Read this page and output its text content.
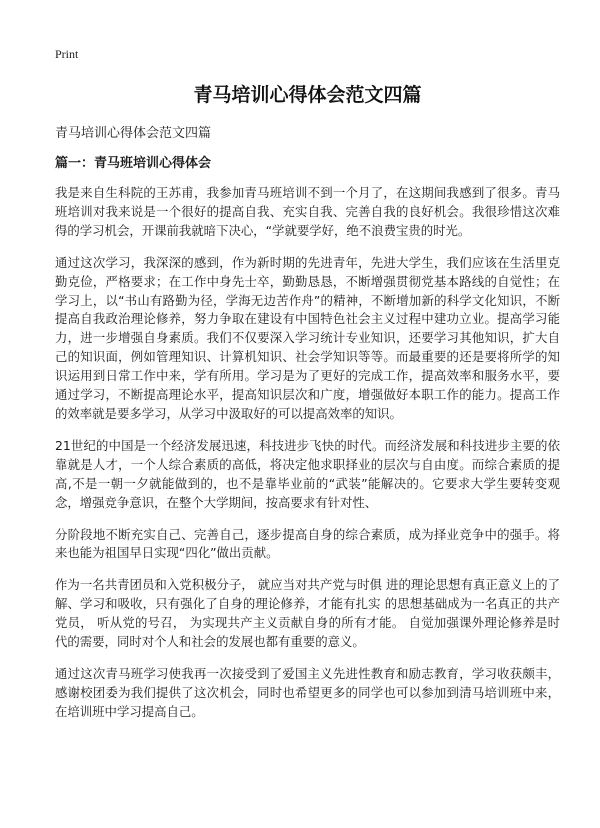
Print
青马培训心得体会范文四篇
青马培训心得体会范文四篇
篇一：青马班培训心得体会

我是来自生科院的王苏甫，我参加青马班培训不到一个月了，在这期间我感到了很多。青马班培训对我来说是一个很好的提高自我、充实自我、完善自我的良好机会。我很珍惜这次难得的学习机会，开课前我就暗下决心，“学就要学好，绝不浪费宝贵的时光。

通过这次学习，我深深的感到，作为新时期的先进青年，先进大学生，我们应该在生活里克勤克俭，严格要求；在工作中身先士卒，勤勤恳恳，不断增强贯彻党基本路线的自觉性；在学习上，以“书山有路勤为径，学海无边苦作舟”的精神，不断增加新的科学文化知识，不断提高自我政治理论修养，努力争取在建设有中国特色社会主义过程中建功立业。提高学习能力，进一步增强自身素质。我们不仅要深入学习统计专业知识，还要学习其他知识，扩大自己的知识面，例如管理知识、计算机知识、社会学知识等等。而最重要的还是要将所学的知识运用到日常工作中来，学有所用。学习是为了更好的完成工作，提高效率和服务水平，要通过学习，不断提高理论水平，提高知识层次和广度，增强做好本职工作的能力。提高工作的效率就是要多学习，从学习中汲取好的可以提高效率的知识。

21世纪的中国是一个经济发展迅速，科技进步飞快的时代。而经济发展和科技进步主要的依靠就是人才，一个人综合素质的高低，将决定他求职择业的层次与自由度。而综合素质的提高,不是一朝一夕就能做到的，也不是靠毕业前的“武装”能解决的。它要求大学生要转变观念，增强竞争意识，在整个大学期间，按高要求有针对性、

分阶段地不断充实自己、完善自己，逐步提高自身的综合素质，成为择业竞争中的强手。将来也能为祖国早日实现“四化”做出贡献。

作为一名共青团员和入党积极分子， 就应当对共产党与时俱 进的理论思想有真正意义上的了解、学习和吸收，只有强化了自身的理论修养，才能有扎实 的思想基础成为一名真正的共产党员， 听从党的号召， 为实现共产主义贡献自身的所有才能。 自觉加强课外理论修养是时代的需要，同时对个人和社会的发展也都有重要的意义。

通过这次青马班学习使我再一次接受到了爱国主义先进性教育和励志教育，学习收获颇丰，感谢校团委为我们提供了这次机会，同时也希望更多的同学也可以参加到清马培训班中来，在培训班中学习提高自己。
